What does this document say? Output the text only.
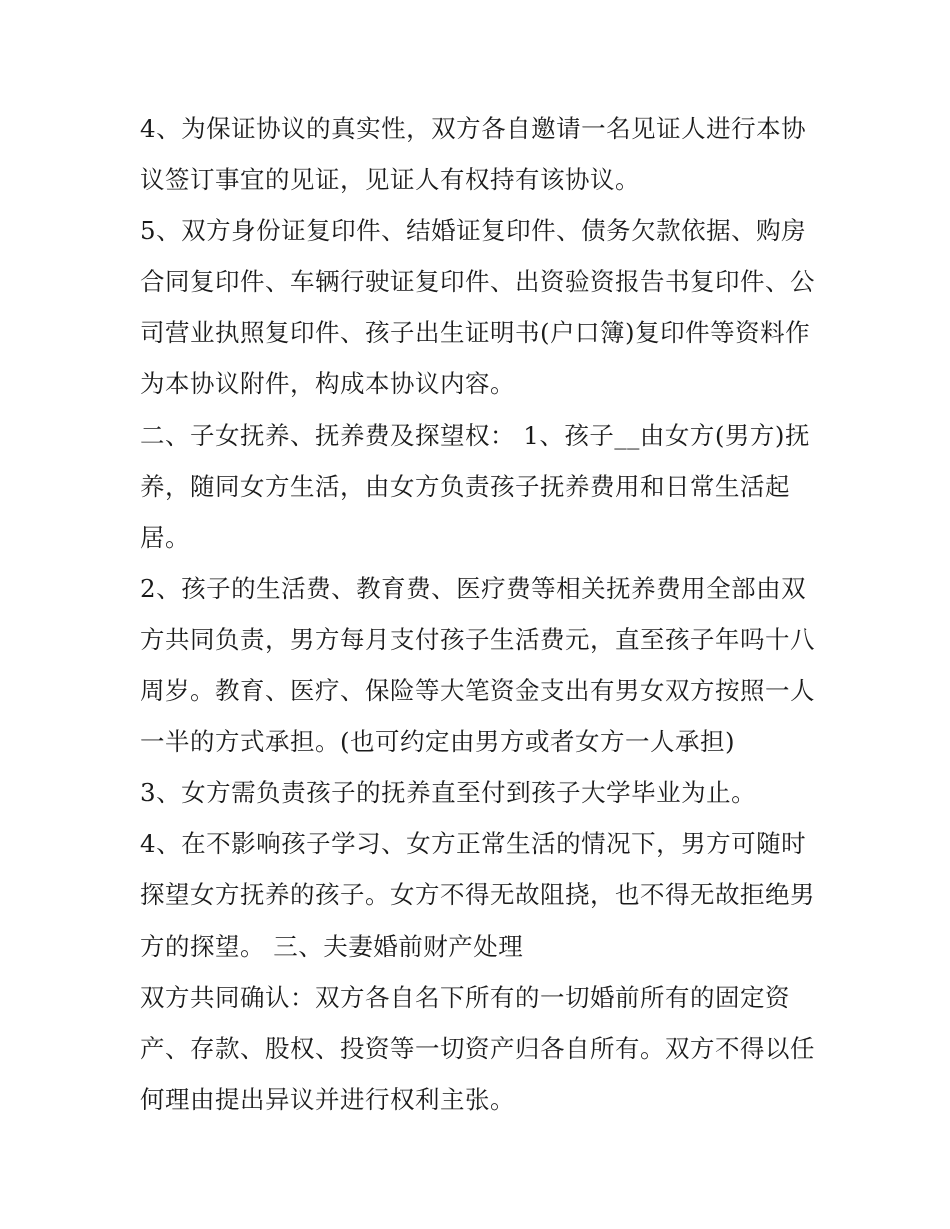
4、为保证协议的真实性，双方各自邀请一名见证人进行本协
议签订事宜的见证，见证人有权持有该协议。
5、双方身份证复印件、结婚证复印件、债务欠款依据、购房
合同复印件、车辆行驶证复印件、出资验资报告书复印件、公
司营业执照复印件、孩子出生证明书(户口簿)复印件等资料作
为本协议附件，构成本协议内容。
二、子女抚养、抚养费及探望权： 1、孩子__由女方(男方)抚
养，随同女方生活，由女方负责孩子抚养费用和日常生活起
居。
2、孩子的生活费、教育费、医疗费等相关抚养费用全部由双
方共同负责，男方每月支付孩子生活费元，直至孩子年吗十八
周岁。教育、医疗、保险等大笔资金支出有男女双方按照一人
一半的方式承担。(也可约定由男方或者女方一人承担)
3、女方需负责孩子的抚养直至付到孩子大学毕业为止。
4、在不影响孩子学习、女方正常生活的情况下，男方可随时
探望女方抚养的孩子。女方不得无故阻挠，也不得无故拒绝男
方的探望。 三、夫妻婚前财产处理
双方共同确认：双方各自名下所有的一切婚前所有的固定资
产、存款、股权、投资等一切资产归各自所有。双方不得以任
何理由提出异议并进行权利主张。
